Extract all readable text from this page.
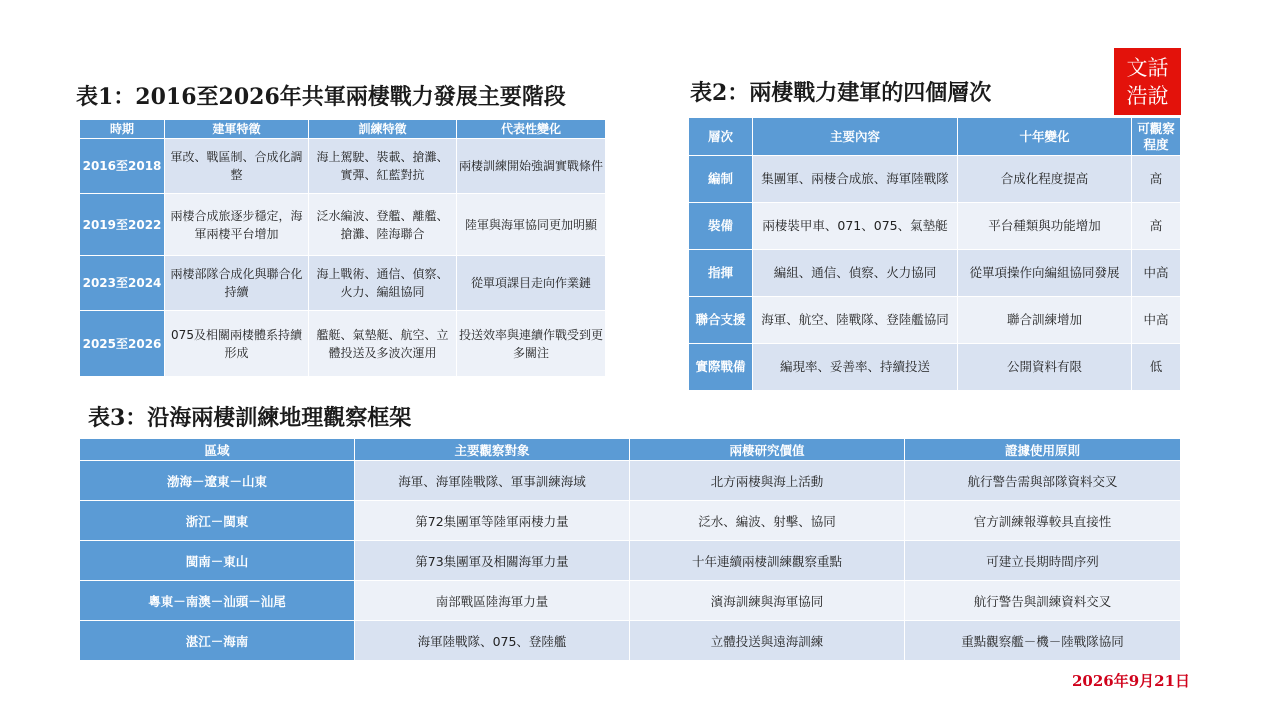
表1：2016至2026年共軍兩棲戰力發展主要階段	表2：兩棲戰力建軍的四個層次
文話
浩說
時期	建軍特徵	訓練特徵	代表性變化
2016至2018	軍改、戰區制、合成化調整	海上駕駛、裝載、搶灘、實彈、紅藍對抗	兩棲訓練開始強調實戰條件
2019至2022	兩棲合成旅逐步穩定，海軍兩棲平台增加	泛水編波、登艦、離艦、搶灘、陸海聯合	陸軍與海軍協同更加明顯
2023至2024	兩棲部隊合成化與聯合化持續	海上戰術、通信、偵察、火力、編組協同	從單項課目走向作業鏈
2025至2026	075及相關兩棲體系持續形成	艦艇、氣墊艇、航空、立體投送及多波次運用	投送效率與連續作戰受到更多關注
層次	主要內容	十年變化	可觀察程度
編制	集團軍、兩棲合成旅、海軍陸戰隊	合成化程度提高	高
裝備	兩棲裝甲車、071、075、氣墊艇	平台種類與功能增加	高
指揮	編組、通信、偵察、火力協同	從單項操作向編組協同發展	中高
聯合支援	海軍、航空、陸戰隊、登陸艦協同	聯合訓練增加	中高
實際戰備	編現率、妥善率、持續投送	公開資料有限	低
表3：沿海兩棲訓練地理觀察框架
區域	主要觀察對象	兩棲研究價值	證據使用原則
渤海－遼東－山東	海軍、海軍陸戰隊、軍事訓練海域	北方兩棲與海上活動	航行警告需與部隊資料交叉
浙江－閩東	第72集團軍等陸軍兩棲力量	泛水、編波、射擊、協同	官方訓練報導較具直接性
閩南－東山	第73集團軍及相關海軍力量	十年連續兩棲訓練觀察重點	可建立長期時間序列
粵東－南澳－汕頭－汕尾	南部戰區陸海軍力量	濱海訓練與海軍協同	航行警告與訓練資料交叉
湛江－海南	海軍陸戰隊、075、登陸艦	立體投送與遠海訓練	重點觀察艦－機－陸戰隊協同
2026年9月21日
